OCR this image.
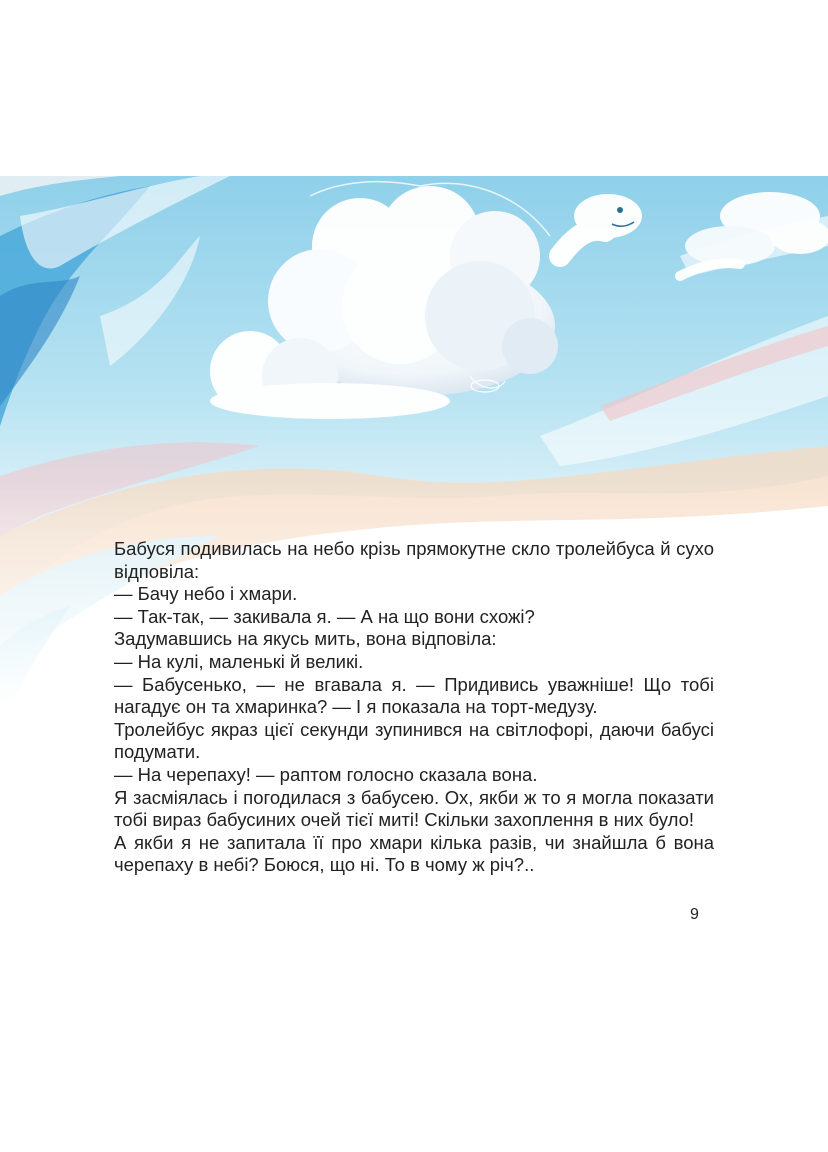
Бабуся подивилась на небо крізь прямокутне скло тролейбуса й сухо відповіла:

— Бачу небо і хмари.

— Так-так, — закивала я. — А на що вони схожі?

Задумавшись на якусь мить, вона відповіла:

— На кулі, маленькі й великі.

— Бабусенько, — не вгавала я. — Придивись уважніше! Що тобі нагадує он та хмаринка? — І я показала на торт-медузу.

Тролейбус якраз цієї секунди зупинився на світлофорі, даючи бабусі подумати.

— На черепаху! — раптом голосно сказала вона.

Я засміялась і погодилася з бабусею. Ох, якби ж то я могла показати тобі вираз бабусиних очей тієї миті! Скільки захоплення в них було!

А якби я не запитала її про хмари кілька разів, чи знайшла б вона черепаху в небі? Боюся, що ні. То в чому ж річ?..

9
